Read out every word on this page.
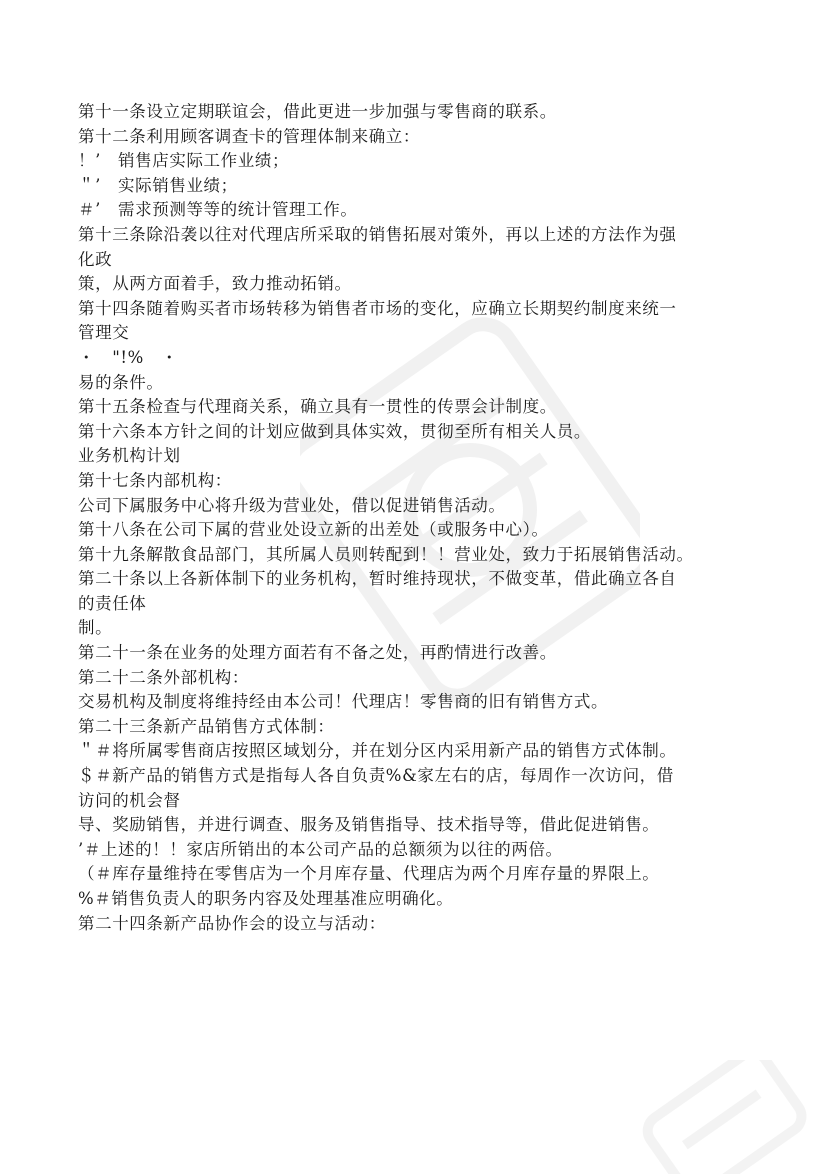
第十一条设立定期联谊会，借此更进一步加强与零售商的联系。
第十二条利用顾客调查卡的管理体制来确立：
！’　销售店实际工作业绩；
＂’　实际销售业绩；
＃’　需求预测等等的统计管理工作。
第十三条除沿袭以往对代理店所采取的销售拓展对策外，再以上述的方法作为强
化政
策，从两方面着手，致力推动拓销。
第十四条随着购买者市场转移为销售者市场的变化，应确立长期契约制度来统一
管理交
・　"!%　・
易的条件。
第十五条检查与代理商关系，确立具有一贯性的传票会计制度。
第十六条本方针之间的计划应做到具体实效，贯彻至所有相关人员。
业务机构计划
第十七条内部机构：
公司下属服务中心将升级为营业处，借以促进销售活动。
第十八条在公司下属的营业处设立新的出差处（或服务中心）。
第十九条解散食品部门，其所属人员则转配到！！营业处，致力于拓展销售活动。
第二十条以上各新体制下的业务机构，暂时维持现状，不做变革，借此确立各自
的责任体
制。
第二十一条在业务的处理方面若有不备之处，再酌情进行改善。
第二十二条外部机构：
交易机构及制度将维持经由本公司！代理店！零售商的旧有销售方式。
第二十三条新产品销售方式体制：
＂＃将所属零售商店按照区域划分，并在划分区内采用新产品的销售方式体制。
＄＃新产品的销售方式是指每人各自负责%&家左右的店，每周作一次访问，借
访问的机会督
导、奖励销售，并进行调查、服务及销售指导、技术指导等，借此促进销售。
’＃上述的！！家店所销出的本公司产品的总额须为以往的两倍。
（＃库存量维持在零售店为一个月库存量、代理店为两个月库存量的界限上。
%＃销售负责人的职务内容及处理基准应明确化。
第二十四条新产品协作会的设立与活动：
